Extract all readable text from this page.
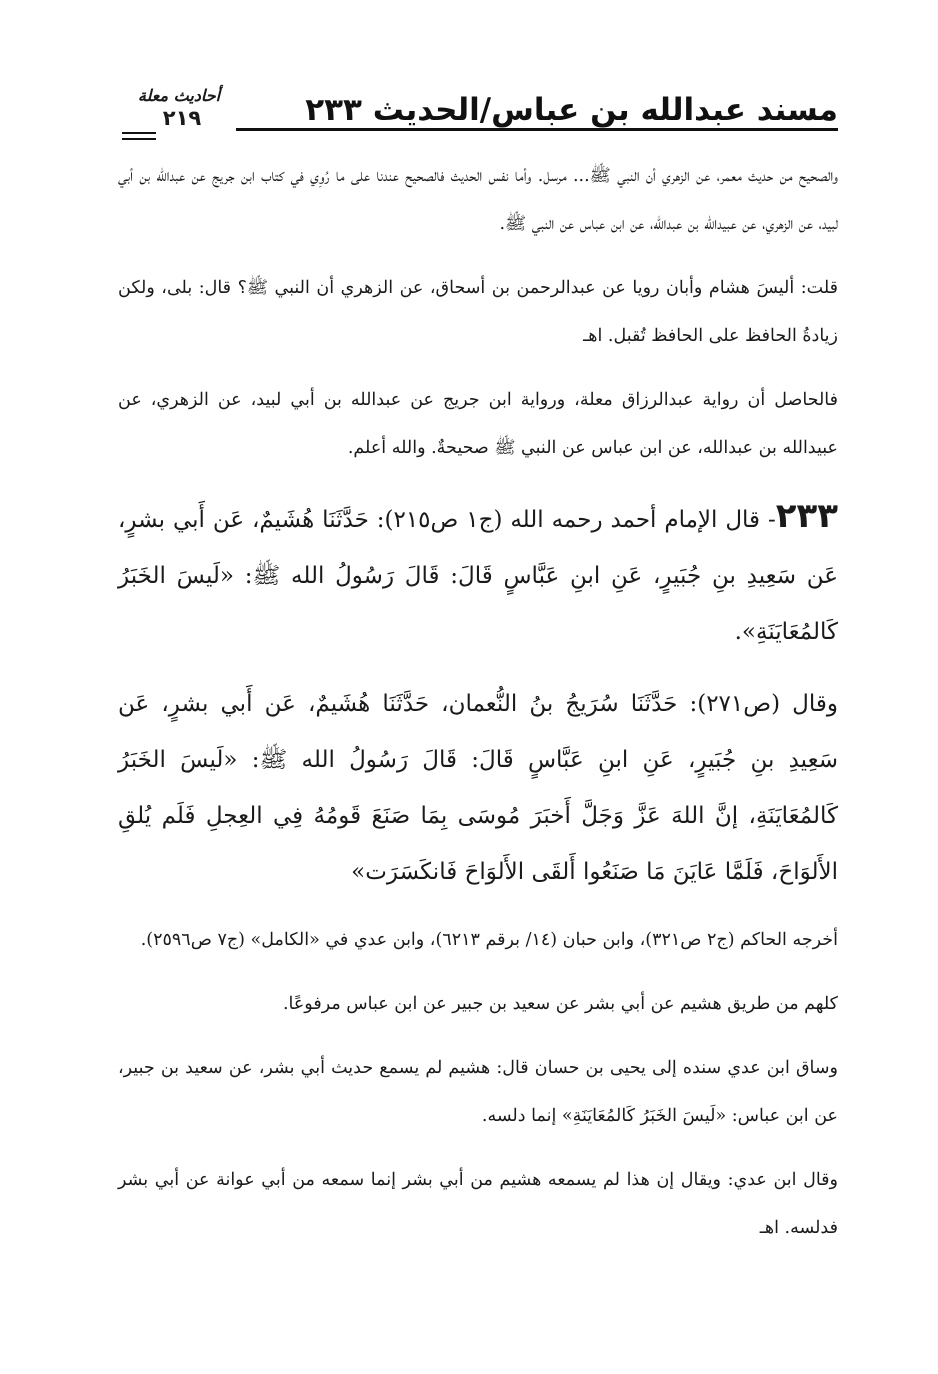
مسند عبدالله بن عباس/الحديث ٢٣٣
أحاديث معلة
٢١٩

والصحيح من حديث معمر، عن الزهري أن النبي ﷺ... مرسل. وأما نفس الحديث فالصحيح عندنا على ما رُوِي في كتاب ابن جريج عن عبدالله بن أبي لبيد، عن الزهري، عن عبيدالله بن عبدالله، عن ابن عباس عن النبي ﷺ.

قلت: أليسَ هشام وأبان رويا عن عبدالرحمن بن أسحاق، عن الزهري أن النبي ﷺ؟ قال: بلى، ولكن زيادةُ الحافظ على الحافظ تُقبل. اهـ

فالحاصل أن رواية عبدالرزاق معلة، ورواية ابن جريج عن عبدالله بن أبي لبيد، عن الزهري، عن عبيدالله بن عبدالله، عن ابن عباس عن النبي ﷺ صحيحةٌ. والله أعلم.

٢٣٣- قال الإمام أحمد رحمه الله (ج١ ص٢١٥): حَدَّثَنَا هُشَيمٌ، عَن أَبي بشرٍ، عَن سَعِيدِ بنِ جُبَيرٍ، عَنِ ابنِ عَبَّاسٍ قَالَ: قَالَ رَسُولُ الله ﷺ: «لَيسَ الخَبَرُ كَالمُعَايَنَةِ».

وقال (ص٢٧١): حَدَّثَنَا سُرَيجُ بنُ النُّعمان، حَدَّثَنَا هُشَيمٌ، عَن أَبي بشرٍ، عَن سَعِيدِ بنِ جُبَيرٍ، عَنِ ابنِ عَبَّاسٍ قَالَ: قَالَ رَسُولُ الله ﷺ: «لَيسَ الخَبَرُ كَالمُعَايَنَةِ، إنَّ اللهَ عَزَّ وَجَلَّ أَخبَرَ مُوسَى بِمَا صَنَعَ قَومُهُ فِي العِجلِ فَلَم يُلقِ الأَلوَاحَ، فَلَمَّا عَايَنَ مَا صَنَعُوا أَلقَى الأَلوَاحَ فَانكَسَرَت»

أخرجه الحاكم (ج٢ ص٣٢١)، وابن حبان (١٤/ برقم ٦٢١٣)، وابن عدي في «الكامل» (ج٧ ص٢٥٩٦).

كلهم من طريق هشيم عن أبي بشر عن سعيد بن جبير عن ابن عباس مرفوعًا.

وساق ابن عدي سنده إلى يحيى بن حسان قال: هشيم لم يسمع حديث أبي بشر، عن سعيد بن جبير، عن ابن عباس: «لَيسَ الخَبَرُ كَالمُعَايَنَةِ» إنما دلسه.

وقال ابن عدي: ويقال إن هذا لم يسمعه هشيم من أبي بشر إنما سمعه من أبي عوانة عن أبي بشر فدلسه. اهـ
